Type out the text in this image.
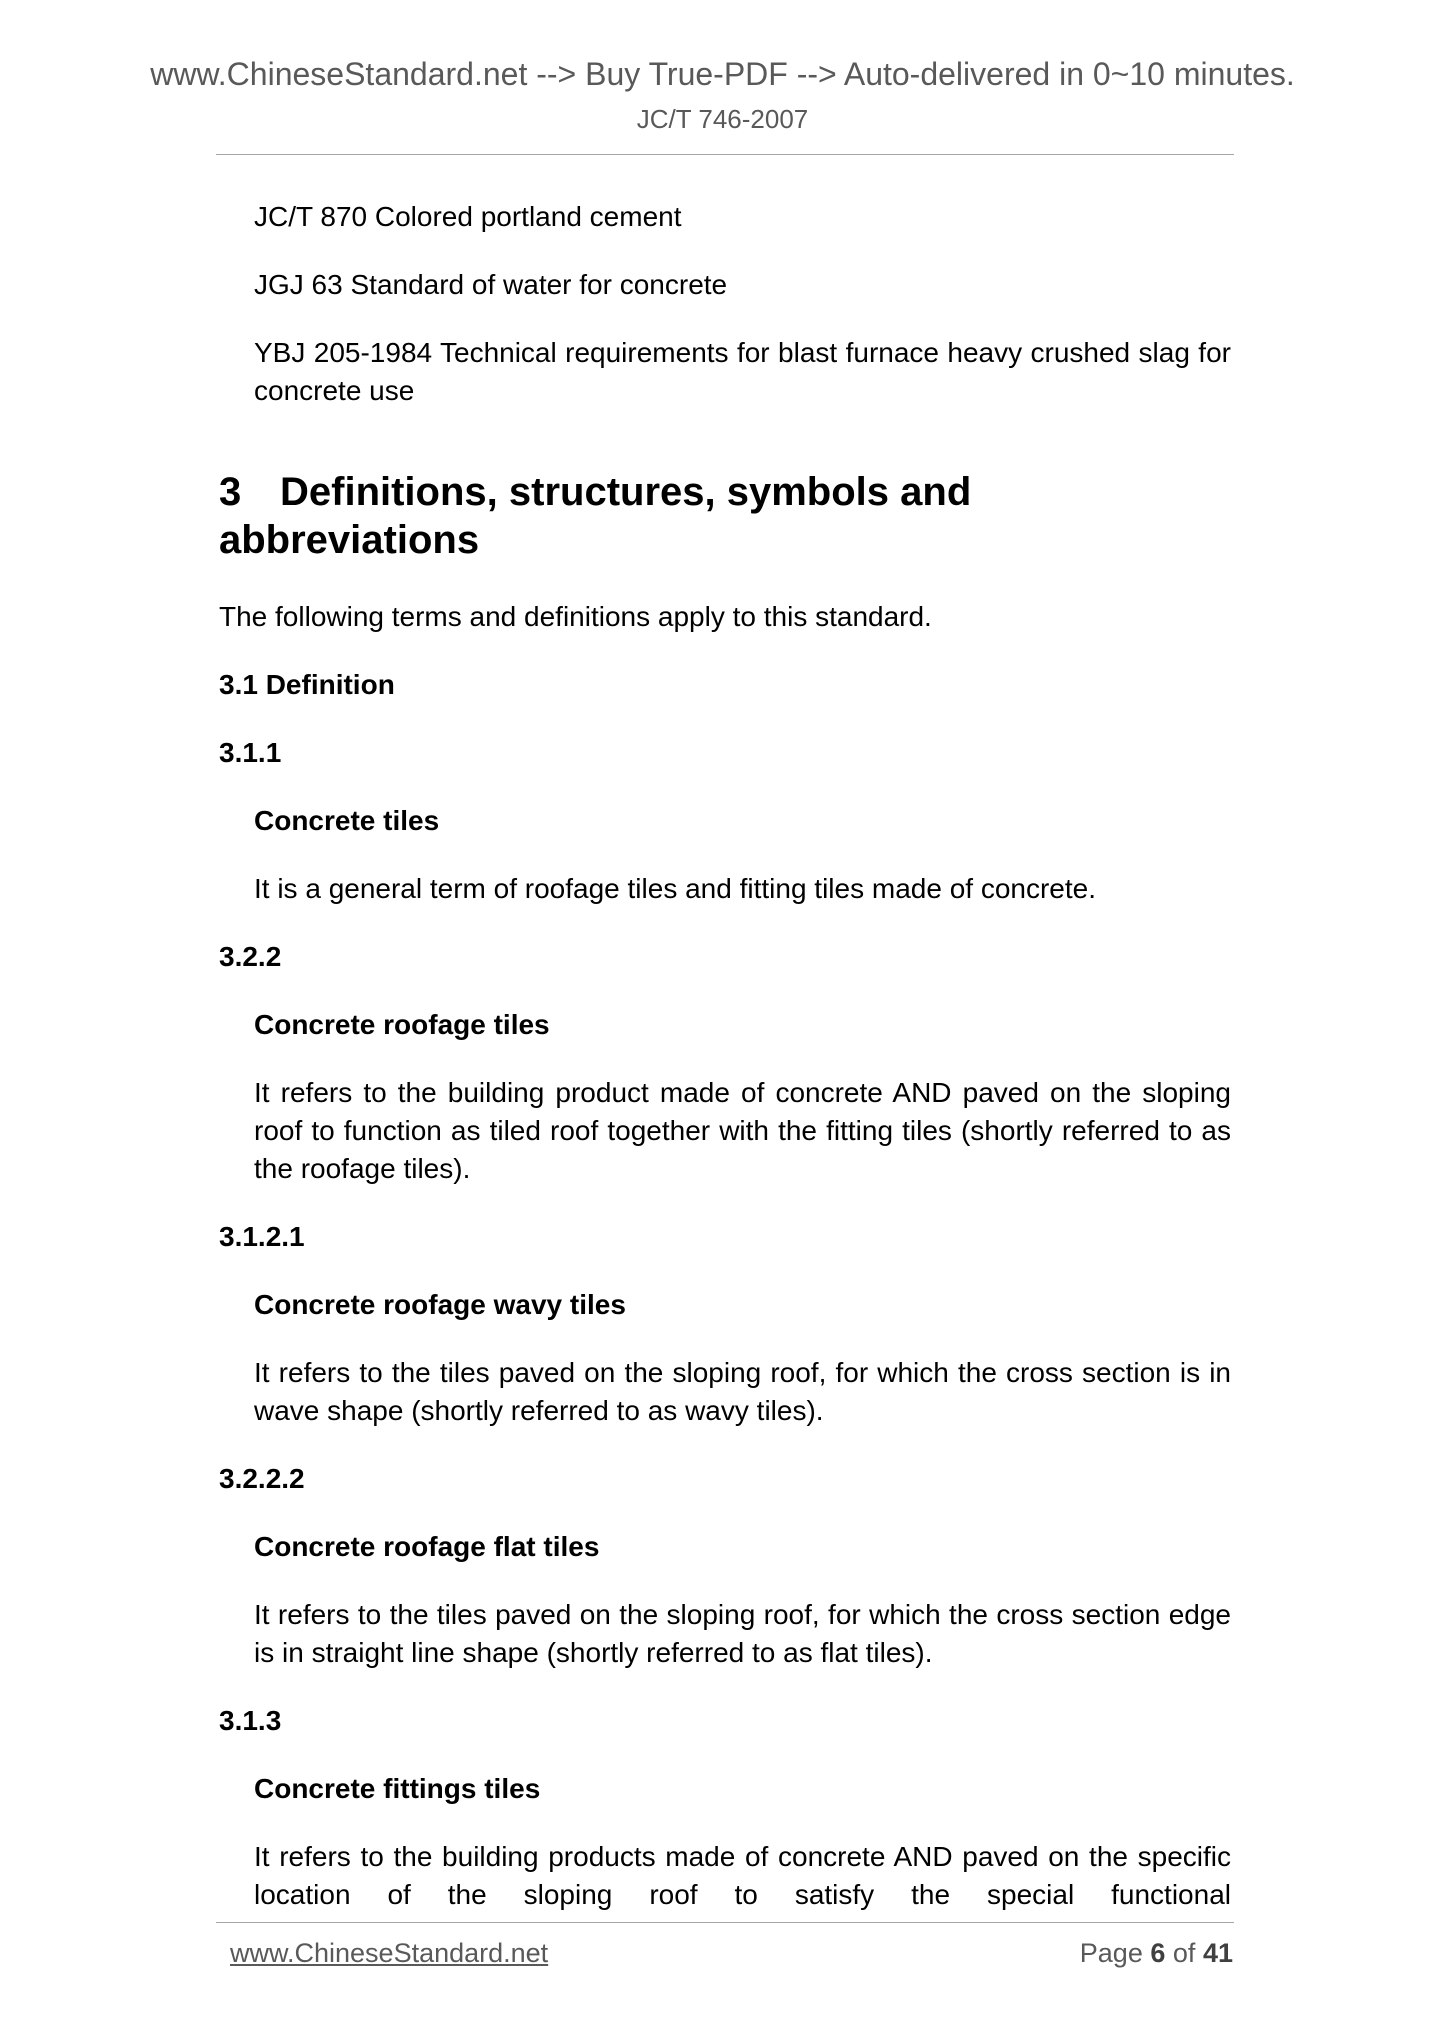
www.ChineseStandard.net --> Buy True-PDF --> Auto-delivered in 0~10 minutes.
JC/T 746-2007

JC/T 870 Colored portland cement

JGJ 63 Standard of water for concrete

YBJ 205-1984 Technical requirements for blast furnace heavy crushed slag for concrete use

3 Definitions, structures, symbols and abbreviations

The following terms and definitions apply to this standard.

3.1 Definition

3.1.1

Concrete tiles

It is a general term of roofage tiles and fitting tiles made of concrete.

3.2.2

Concrete roofage tiles

It refers to the building product made of concrete AND paved on the sloping roof to function as tiled roof together with the fitting tiles (shortly referred to as the roofage tiles).

3.1.2.1

Concrete roofage wavy tiles

It refers to the tiles paved on the sloping roof, for which the cross section is in wave shape (shortly referred to as wavy tiles).

3.2.2.2

Concrete roofage flat tiles

It refers to the tiles paved on the sloping roof, for which the cross section edge is in straight line shape (shortly referred to as flat tiles).

3.1.3

Concrete fittings tiles

It refers to the building products made of concrete AND paved on the specific location of the sloping roof to satisfy the special functional

www.ChineseStandard.net	Page 6 of 41
